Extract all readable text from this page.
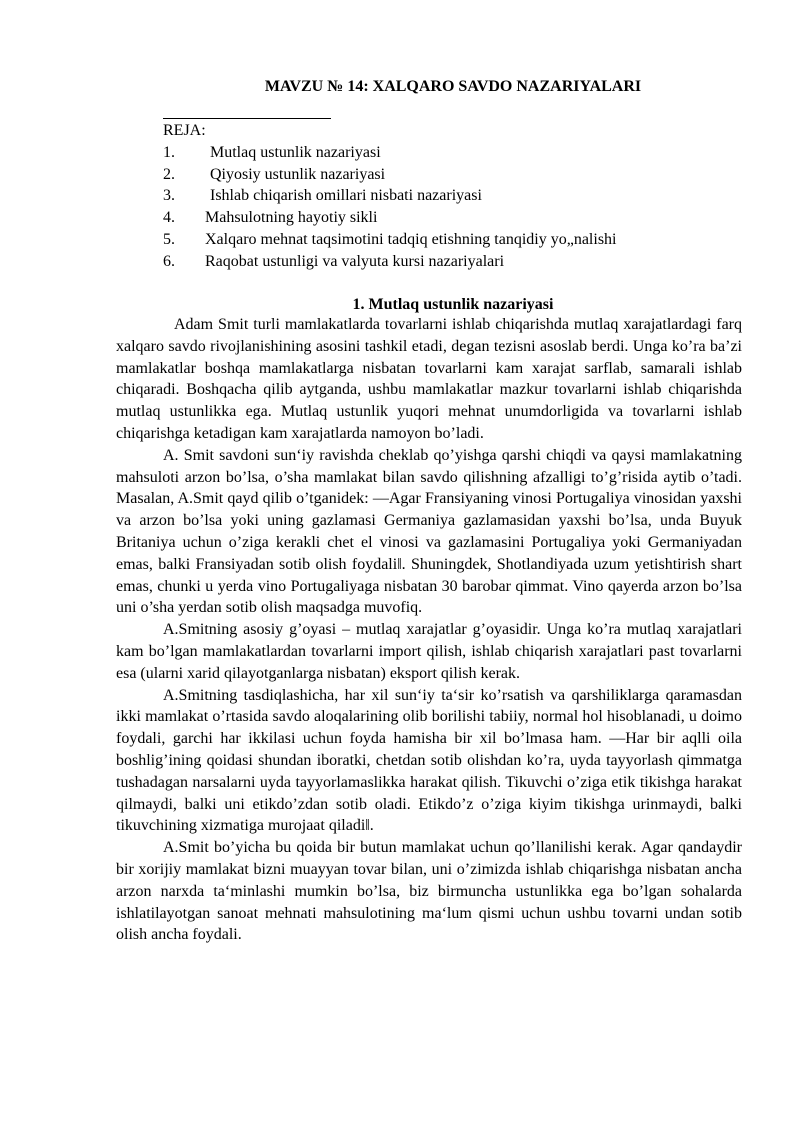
MAVZU № 14: XALQARO SAVDO NAZARIYALARI
REJA:
1.	Mutlaq ustunlik nazariyasi
2.	Qiyosiy ustunlik nazariyasi
3.	Ishlab chiqarish omillari nisbati nazariyasi
4.	Mahsulotning hayotiy sikli
5.	Xalqaro mehnat taqsimotini tadqiq etishning tanqidiy yo„nalishi
6.	Raqobat ustunligi va valyuta kursi nazariyalari
1. Mutlaq ustunlik nazariyasi

Adam Smit turli mamlakatlarda tovarlarni ishlab chiqarishda mutlaq xarajatlardagi farq xalqaro savdo rivojlanishining asosini tashkil etadi, degan tezisni asoslab berdi. Unga ko’ra ba’zi mamlakatlar boshqa mamlakatlarga nisbatan tovarlarni kam xarajat sarflab, samarali ishlab chiqaradi. Boshqacha qilib aytganda, ushbu mamlakatlar mazkur tovarlarni ishlab chiqarishda mutlaq ustunlikka ega. Mutlaq ustunlik yuqori mehnat unumdorligida va tovarlarni ishlab chiqarishga ketadigan kam xarajatlarda namoyon bo’ladi.

A. Smit savdoni sun‘iy ravishda cheklab qo’yishga qarshi chiqdi va qaysi mamlakatning mahsuloti arzon bo’lsa, o’sha mamlakat bilan savdo qilishning afzalligi to’g’risida aytib o’tadi. Masalan, A.Smit qayd qilib o’tganidek: ―Agar Fransiyaning vinosi Portugaliya vinosidan yaxshi va arzon bo’lsa yoki uning gazlamasi Germaniya gazlamasidan yaxshi bo’lsa, unda Buyuk Britaniya uchun o’ziga kerakli chet el vinosi va gazlamasini Portugaliya yoki Germaniyadan emas, balki Fransiyadan sotib olish foydali‖. Shuningdek, Shotlandiyada uzum yetishtirish shart emas, chunki u yerda vino Portugaliyaga nisbatan 30 barobar qimmat. Vino qayerda arzon bo’lsa uni o’sha yerdan sotib olish maqsadga muvofiq.

A.Smitning asosiy g’oyasi – mutlaq xarajatlar g’oyasidir. Unga ko’ra mutlaq xarajatlari kam bo’lgan mamlakatlardan tovarlarni import qilish, ishlab chiqarish xarajatlari past tovarlarni esa (ularni xarid qilayotganlarga nisbatan) eksport qilish kerak.

A.Smitning tasdiqlashicha, har xil sun‘iy ta‘sir ko’rsatish va qarshiliklarga qaramasdan ikki mamlakat o’rtasida savdo aloqalarining olib borilishi tabiiy, normal hol hisoblanadi, u doimo foydali, garchi har ikkilasi uchun foyda hamisha bir xil bo’lmasa ham. ―Har bir aqlli oila boshlig’ining qoidasi shundan iboratki, chetdan sotib olishdan ko’ra, uyda tayyorlash qimmatga tushadagan narsalarni uyda tayyorlamaslikka harakat qilish. Tikuvchi o’ziga etik tikishga harakat qilmaydi, balki uni etikdo’zdan sotib oladi. Etikdo’z o’ziga kiyim tikishga urinmaydi, balki tikuvchining xizmatiga murojaat qiladi‖.

A.Smit bo’yicha bu qoida bir butun mamlakat uchun qo’llanilishi kerak. Agar qandaydir bir xorijiy mamlakat bizni muayyan tovar bilan, uni o’zimizda ishlab chiqarishga nisbatan ancha arzon narxda ta‘minlashi mumkin bo’lsa, biz birmuncha ustunlikka ega bo’lgan sohalarda ishlatilayotgan sanoat mehnati mahsulotining ma‘lum qismi uchun ushbu tovarni undan sotib olish ancha foydali.
